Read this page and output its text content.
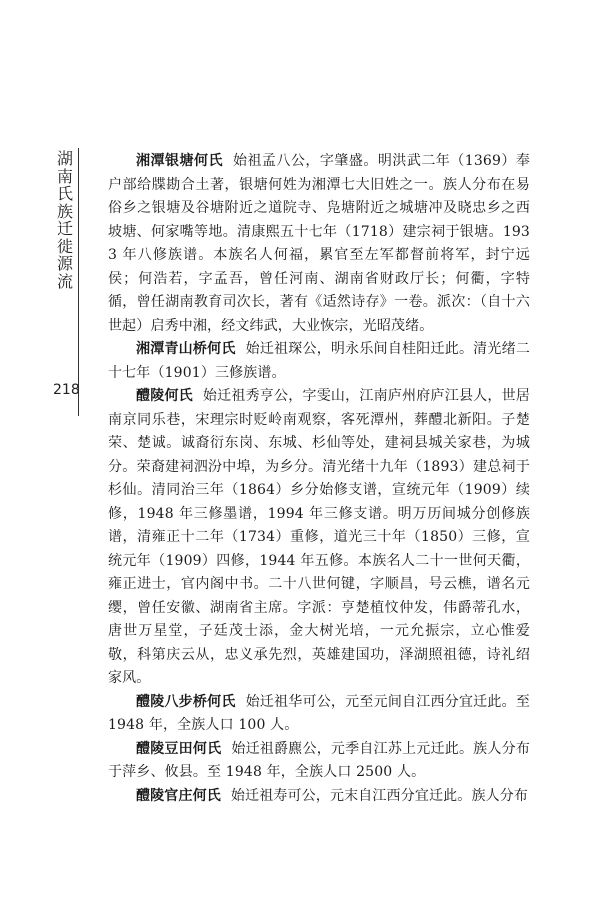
湖南氏族迁徙源流
218

湘潭银塘何氏 始祖孟八公，字肇盛。明洪武二年（1369）奉户部给牒勘合土著，银塘何姓为湘潭七大旧姓之一。族人分布在易俗乡之银塘及谷塘附近之道院寺、凫塘附近之城塘冲及晓忠乡之西坡塘、何家嘴等地。清康熙五十七年（1718）建宗祠于银塘。1933 年八修族谱。本族名人何福，累官至左军都督前将军，封宁远侯；何浩若，字孟吾，曾任河南、湖南省财政厅长；何衢，字特循，曾任湖南教育司次长，著有《适然诗存》一卷。派次：（自十六世起）启秀中湘，经文纬武，大业恢宗，光昭茂绪。

湘潭青山桥何氏 始迁祖琛公，明永乐间自桂阳迁此。清光绪二十七年（1901）三修族谱。

醴陵何氏 始迁祖秀亨公，字雯山，江南庐州府庐江县人，世居南京同乐巷，宋理宗时贬岭南观察，客死潭州，葬醴北新阳。子楚荣、楚诚。诚裔衍东岗、东城、杉仙等处，建祠县城关家巷，为城分。荣裔建祠泗汾中埠，为乡分。清光绪十九年（1893）建总祠于杉仙。清同治三年（1864）乡分始修支谱，宣统元年（1909）续修，1948 年三修墨谱，1994 年三修支谱。明万历间城分创修族谱，清雍正十二年（1734）重修，道光三十年（1850）三修，宣统元年（1909）四修，1944 年五修。本族名人二十一世何天衢，雍正进士，官内阁中书。二十八世何键，字顺昌，号云樵，谱名元缨，曾任安徽、湖南省主席。字派：亨楚植忟仲发，伟爵蒂孔水，唐世万星堂，子廷茂士添，金大树光培，一元允振宗，立心惟爱敬，科第庆云从，忠义承先烈，英雄建国功，泽湖照祖德，诗礼绍家风。

醴陵八步桥何氏 始迁祖华可公，元至元间自江西分宜迁此。至 1948 年，全族人口 100 人。

醴陵豆田何氏 始迁祖爵麃公，元季自江苏上元迁此。族人分布于萍乡、攸县。至 1948 年，全族人口 2500 人。

醴陵官庄何氏 始迁祖寿可公，元末自江西分宜迁此。族人分布
